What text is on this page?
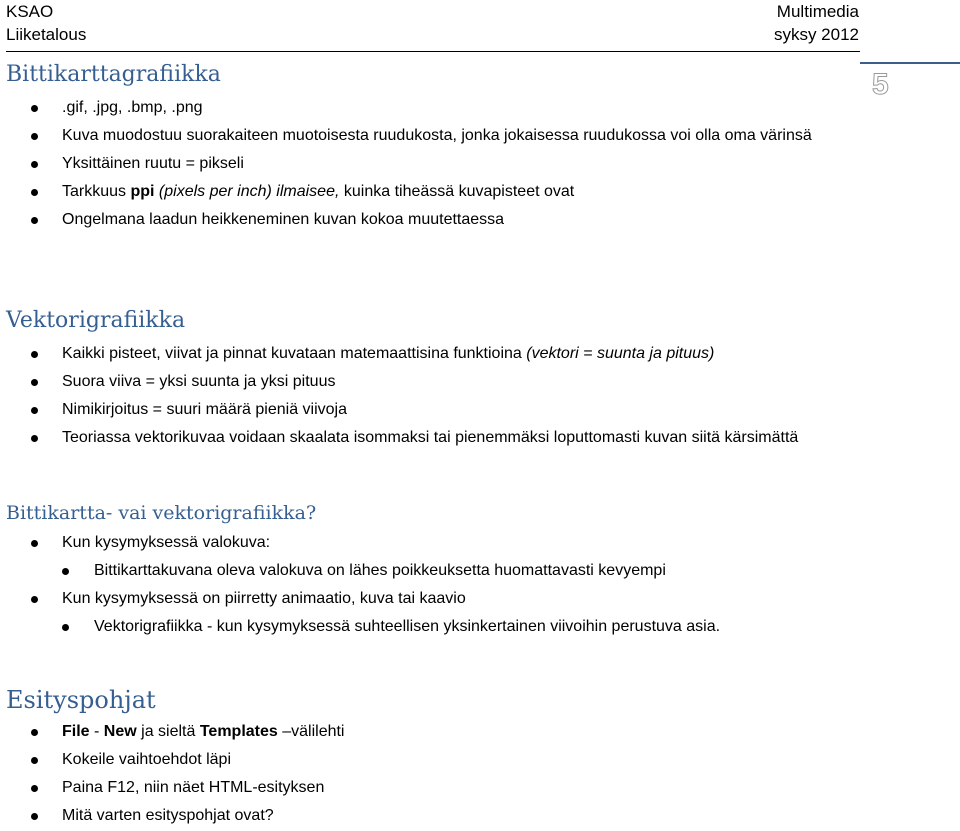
KSAO
Liiketalous
Multimedia
syksy 2012
5
Bittikarttagrafiikka
.gif, .jpg, .bmp, .png
Kuva muodostuu suorakaiteen muotoisesta ruudukosta, jonka jokaisessa ruudukossa voi olla oma värinsä
Yksittäinen ruutu = pikseli
Tarkkuus ppi (pixels per inch) ilmaisee, kuinka tiheässä kuvapisteet ovat
Ongelmana laadun heikkeneminen kuvan kokoa muutettaessa
Vektorigrafiikka
Kaikki pisteet, viivat ja pinnat kuvataan matemaattisina funktioina (vektori = suunta ja pituus)
Suora viiva = yksi suunta ja yksi pituus
Nimikirjoitus = suuri määrä pieniä viivoja
Teoriassa vektorikuvaa voidaan skaalata isommaksi tai pienemmäksi loputtomasti kuvan siitä kärsimättä
Bittikartta- vai vektorigrafiikka?
Kun kysymyksessä valokuva:
Bittikarttakuvana oleva valokuva on lähes poikkeuksetta huomattavasti kevyempi
Kun kysymyksessä on piirretty animaatio, kuva tai kaavio
Vektorigrafiikka - kun kysymyksessä suhteellisen yksinkertainen viivoihin perustuva asia.
Esityspohjat
File - New ja sieltä Templates –välilehti
Kokeile vaihtoehdot läpi
Paina F12, niin näet HTML-esityksen
Mitä varten esityspohjat ovat?
